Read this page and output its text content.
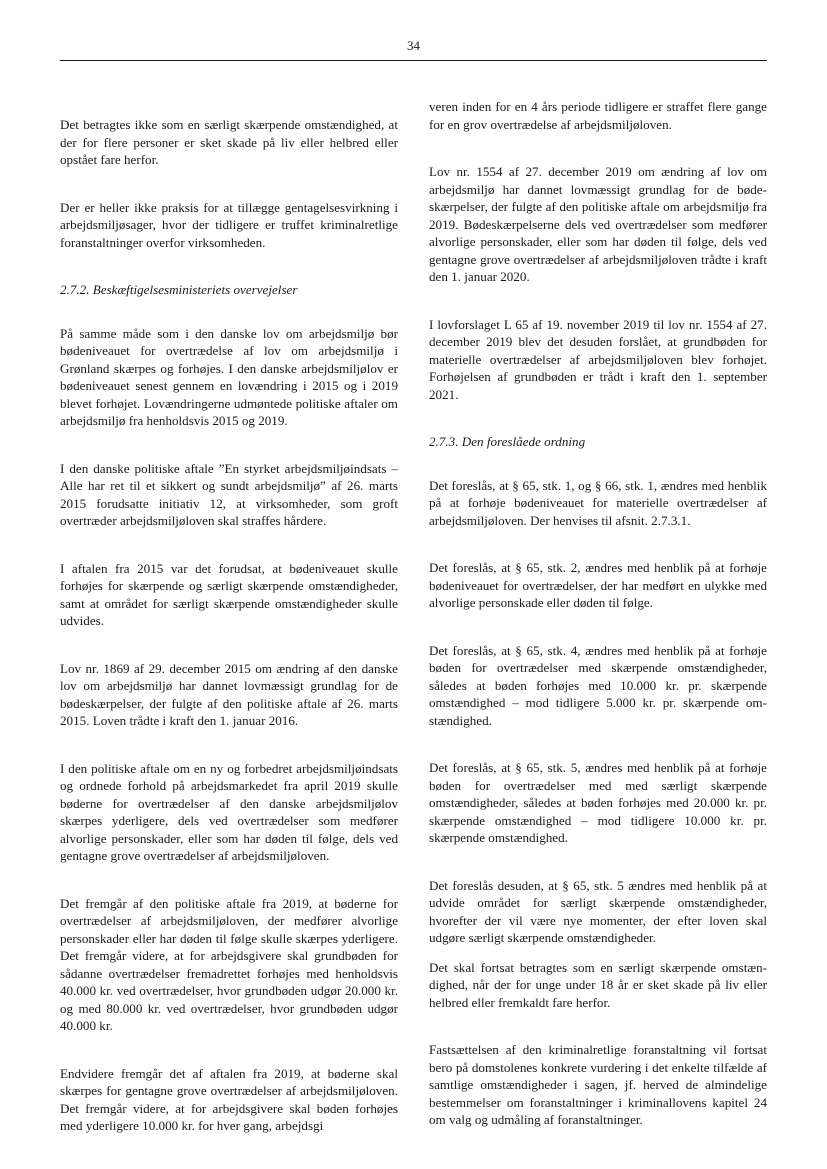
34

Det betragtes ikke som en særligt skærpende omstændighed, at der for flere personer er sket skade på liv eller helbred eller opstået fare herfor.

Der er heller ikke praksis for at tillægge gentagelsesvirkning i arbejdsmiljøsager, hvor der tidligere er truffet kriminalretlige foranstaltninger overfor virksomheden.

2.7.2. Beskæftigelsesministeriets overvejelser

På samme måde som i den danske lov om arbejdsmiljø bør bødeniveauet for overtrædelse af lov om arbejdsmiljø i Grønland skærpes og forhøjes. I den danske arbejdsmiljølov er bødeniveauet senest gennem en lovændring i 2015 og i 2019 blevet forhøjet. Lovændringerne udmøntede politiske aftaler om arbejdsmiljø fra henholdsvis 2015 og 2019.

I den danske politiske aftale ”En styrket arbejdsmiljøindsats – Alle har ret til et sikkert og sundt arbejdsmiljø” af 26. marts 2015 forudsatte initiativ 12, at virksomheder, som groft overtræder arbejdsmiljøloven skal straffes hårdere.

I aftalen fra 2015 var det forudsat, at bødeniveauet skulle forhøjes for skærpende og særligt skærpende omstændigheder, samt at området for særligt skærpende omstændigheder skulle udvides.

Lov nr. 1869 af 29. december 2015 om ændring af den danske lov om arbejdsmiljø har dannet lovmæssigt grundlag for de bødeskærpelser, der fulgte af den politiske aftale af 26. marts 2015. Loven trådte i kraft den 1. januar 2016.

I den politiske aftale om en ny og forbedret arbejdsmiljøindsats og ordnede forhold på arbejdsmarkedet fra april 2019 skulle bøderne for overtrædelser af den danske arbejdsmiljølov skærpes yderligere, dels ved overtrædelser som medfører alvorlige personskader, eller som har døden til følge, dels ved gentagne grove overtrædelser af arbejdsmiljøloven.

Det fremgår af den politiske aftale fra 2019, at bøderne for overtrædelser af arbejdsmiljøloven, der medfører alvorlige personskader eller har døden til følge skulle skærpes yderligere. Det fremgår videre, at for arbejdsgivere skal grundbøden for sådanne overtrædelser fremadrettet forhøjes med henholdsvis 40.000 kr. ved overtrædelser, hvor grundbøden udgør 20.000 kr. og med 80.000 kr. ved overtrædelser, hvor grundbøden udgør 40.000 kr.

Endvidere fremgår det af aftalen fra 2019, at bøderne skal skærpes for gentagne grove overtrædelser af arbejdsmiljøloven. Det fremgår videre, at for arbejdsgivere skal bøden forhøjes med yderligere 10.000 kr. for hver gang, arbejdsgi

veren inden for en 4 års periode tidligere er straffet flere gange for en grov overtrædelse af arbejdsmiljøloven.

Lov nr. 1554 af 27. december 2019 om ændring af lov om arbejdsmiljø har dannet lovmæssigt grundlag for de bødeskærpelser, der fulgte af den politiske aftale om arbejdsmiljø fra 2019. Bødeskærpelserne dels ved overtrædelser som medfører alvorlige personskader, eller som har døden til følge, dels ved gentagne grove overtrædelser af arbejdsmiljøloven trådte i kraft den 1. januar 2020.

I lovforslaget L 65 af 19. november 2019 til lov nr. 1554 af 27. december 2019 blev det desuden forslået, at grundbøden for materielle overtrædelser af arbejdsmiljøloven blev forhøjet. Forhøjelsen af grundbøden er trådt i kraft den 1. september 2021.

2.7.3. Den foreslåede ordning

Det foreslås, at § 65, stk. 1, og § 66, stk. 1, ændres med henblik på at forhøje bødeniveauet for materielle overtrædelser af arbejdsmiljøloven. Der henvises til afsnit. 2.7.3.1.

Det foreslås, at § 65, stk. 2, ændres med henblik på at forhøje bødeniveauet for overtrædelser, der har medført en ulykke med alvorlige personskade eller døden til følge.

Det foreslås, at § 65, stk. 4, ændres med henblik på at forhøje bøden for overtrædelser med skærpende omstændigheder, således at bøden forhøjes med 10.000 kr. pr. skærpende omstændighed – mod tidligere 5.000 kr. pr. skærpende omstændighed.

Det foreslås, at § 65, stk. 5, ændres med henblik på at forhøje bøden for overtrædelser med med særligt skærpende omstændigheder, således at bøden forhøjes med 20.000 kr. pr. skærpende omstændighed – mod tidligere 10.000 kr. pr. skærpende omstændighed.

Det foreslås desuden, at § 65, stk. 5 ændres med henblik på at udvide området for særligt skærpende omstændigheder, hvorefter der vil være nye momenter, der efter loven skal udgøre særligt skærpende omstændigheder.

Det skal fortsat betragtes som en særligt skærpende omstændighed, når der for unge under 18 år er sket skade på liv eller helbred eller fremkaldt fare herfor.

Fastsættelsen af den kriminalretlige foranstaltning vil fortsat bero på domstolenes konkrete vurdering i det enkelte tilfælde af samtlige omstændigheder i sagen, jf. herved de almindelige bestemmelser om foranstaltninger i kriminallovens kapitel 24 om valg og udmåling af foranstaltninger.
